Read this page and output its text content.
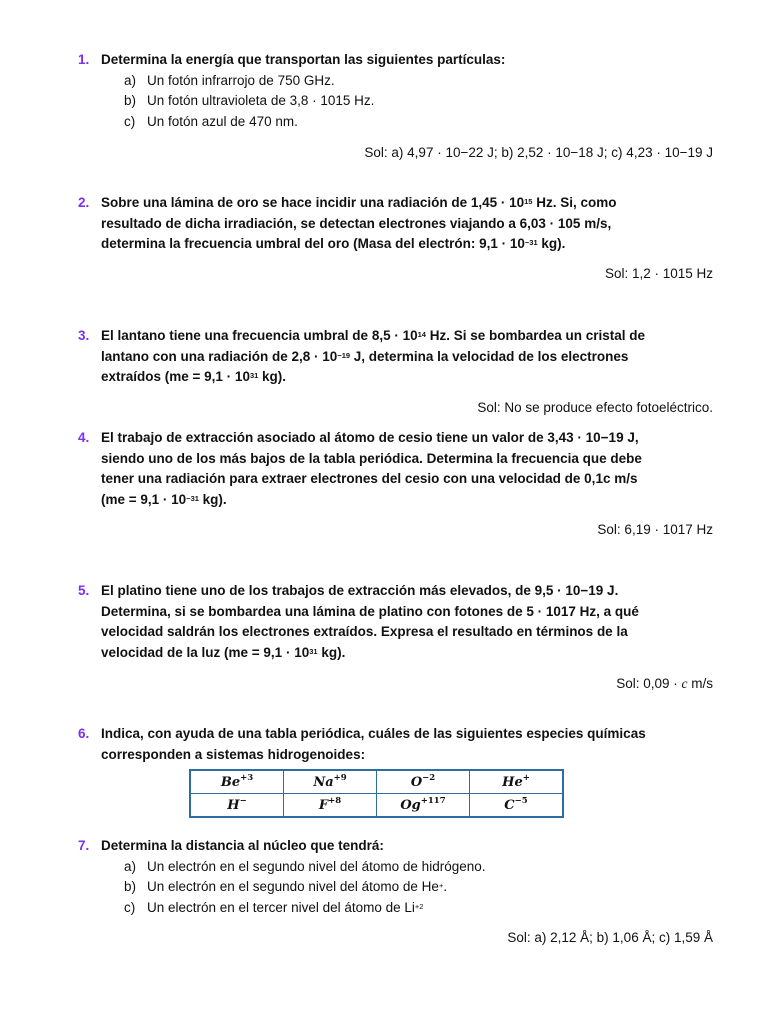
1. Determina la energía que transportan las siguientes partículas:
a) Un fotón infrarrojo de 750 GHz.
b) Un fotón ultravioleta de 3,8 · 1015 Hz.
c) Un fotón azul de 470 nm.
Sol: a) 4,97 · 10−22 J; b) 2,52 · 10−18 J; c) 4,23 · 10−19 J
2. Sobre una lámina de oro se hace incidir una radiación de $1,45 \cdot 10^{15}$ Hz. Si, como
resultado de dicha irradiación, se detectan electrones viajando a 6,03 · 105 m/s,
determina la frecuencia umbral del oro (Masa del electrón: $9,1 \cdot 10^{-31}$ kg).
Sol: 1,2 · 1015 Hz
3. El lantano tiene una frecuencia umbral de $8,5 \cdot 10^{14}$ Hz. Si se bombardea un cristal de
lantano con una radiación de $2,8 \cdot 10^{-19}$ J, determina la velocidad de los electrones
extraídos ($me = 9,1 \cdot 10^{31}$ kg).
Sol: No se produce efecto fotoeléctrico.
4. El trabajo de extracción asociado al átomo de cesio tiene un valor de 3,43 · 10−19 J,
siendo uno de los más bajos de la tabla periódica. Determina la frecuencia que debe
tener una radiación para extraer electrones del cesio con una velocidad de 0,1c m/s
($me = 9,1 \cdot 10^{-31}$ kg).
Sol: 6,19 · 1017 Hz
5. El platino tiene uno de los trabajos de extracción más elevados, de 9,5 · 10−19 J.
Determina, si se bombardea una lámina de platino con fotones de 5 · 1017 Hz, a qué
velocidad saldrán los electrones extraídos. Expresa el resultado en términos de la
velocidad de la luz ($me = 9,1 \cdot 10^{31}$ kg).
Sol: 0,09 · c m/s
6. Indica, con ayuda de una tabla periódica, cuáles de las siguientes especies químicas
corresponden a sistemas hidrogenoides:
$Be^{+3}$	$Na^{+9}$	$O^{-2}$	He+
H−	$F^{+8}$	$Og^{+117}$	$C^{-5}$
7. Determina la distancia al núcleo que tendrá:
a) Un electrón en el segundo nivel del átomo de hidrógeno.
b) Un electrón en el segundo nivel del átomo de He+.
c) Un electrón en el tercer nivel del átomo de $Li^{+2}$
Sol: a) 2,12 Å; b) 1,06 Å; c) 1,59 Å
